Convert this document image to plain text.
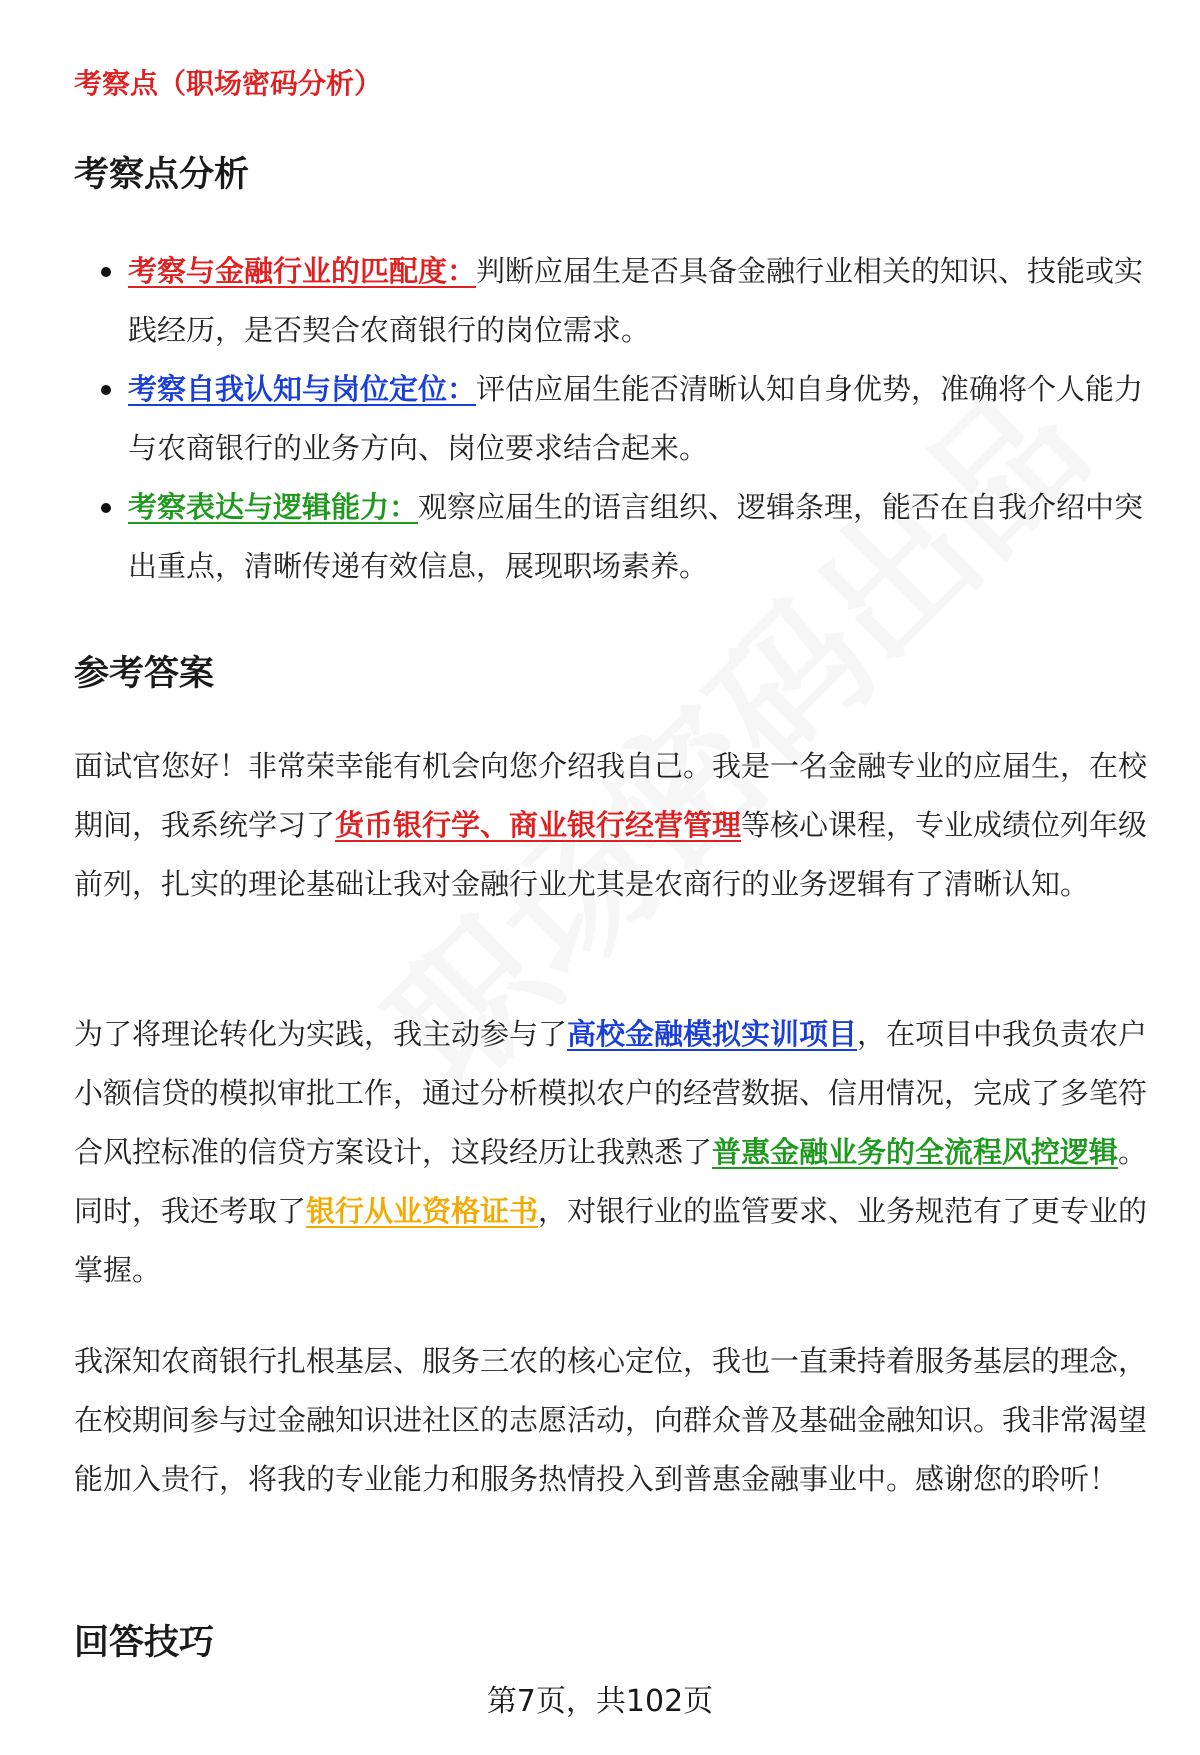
考察点（职场密码分析）
考察点分析
考察与金融行业的匹配度：判断应届生是否具备金融行业相关的知识、技能或实践经历，是否契合农商银行的岗位需求。
考察自我认知与岗位定位：评估应届生能否清晰认知自身优势，准确将个人能力与农商银行的业务方向、岗位要求结合起来。
考察表达与逻辑能力：观察应届生的语言组织、逻辑条理，能否在自我介绍中突出重点，清晰传递有效信息，展现职场素养。
参考答案

面试官您好！非常荣幸能有机会向您介绍我自己。我是一名金融专业的应届生，在校期间，我系统学习了货币银行学、商业银行经营管理等核心课程，专业成绩位列年级前列，扎实的理论基础让我对金融行业尤其是农商行的业务逻辑有了清晰认知。

为了将理论转化为实践，我主动参与了高校金融模拟实训项目，在项目中我负责农户小额信贷的模拟审批工作，通过分析模拟农户的经营数据、信用情况，完成了多笔符合风控标准的信贷方案设计，这段经历让我熟悉了普惠金融业务的全流程风控逻辑。同时，我还考取了银行从业资格证书，对银行业的监管要求、业务规范有了更专业的掌握。

我深知农商银行扎根基层、服务三农的核心定位，我也一直秉持着服务基层的理念，在校期间参与过金融知识进社区的志愿活动，向群众普及基础金融知识。我非常渴望能加入贵行，将我的专业能力和服务热情投入到普惠金融事业中。感谢您的聆听！

回答技巧
第7页，共102页
